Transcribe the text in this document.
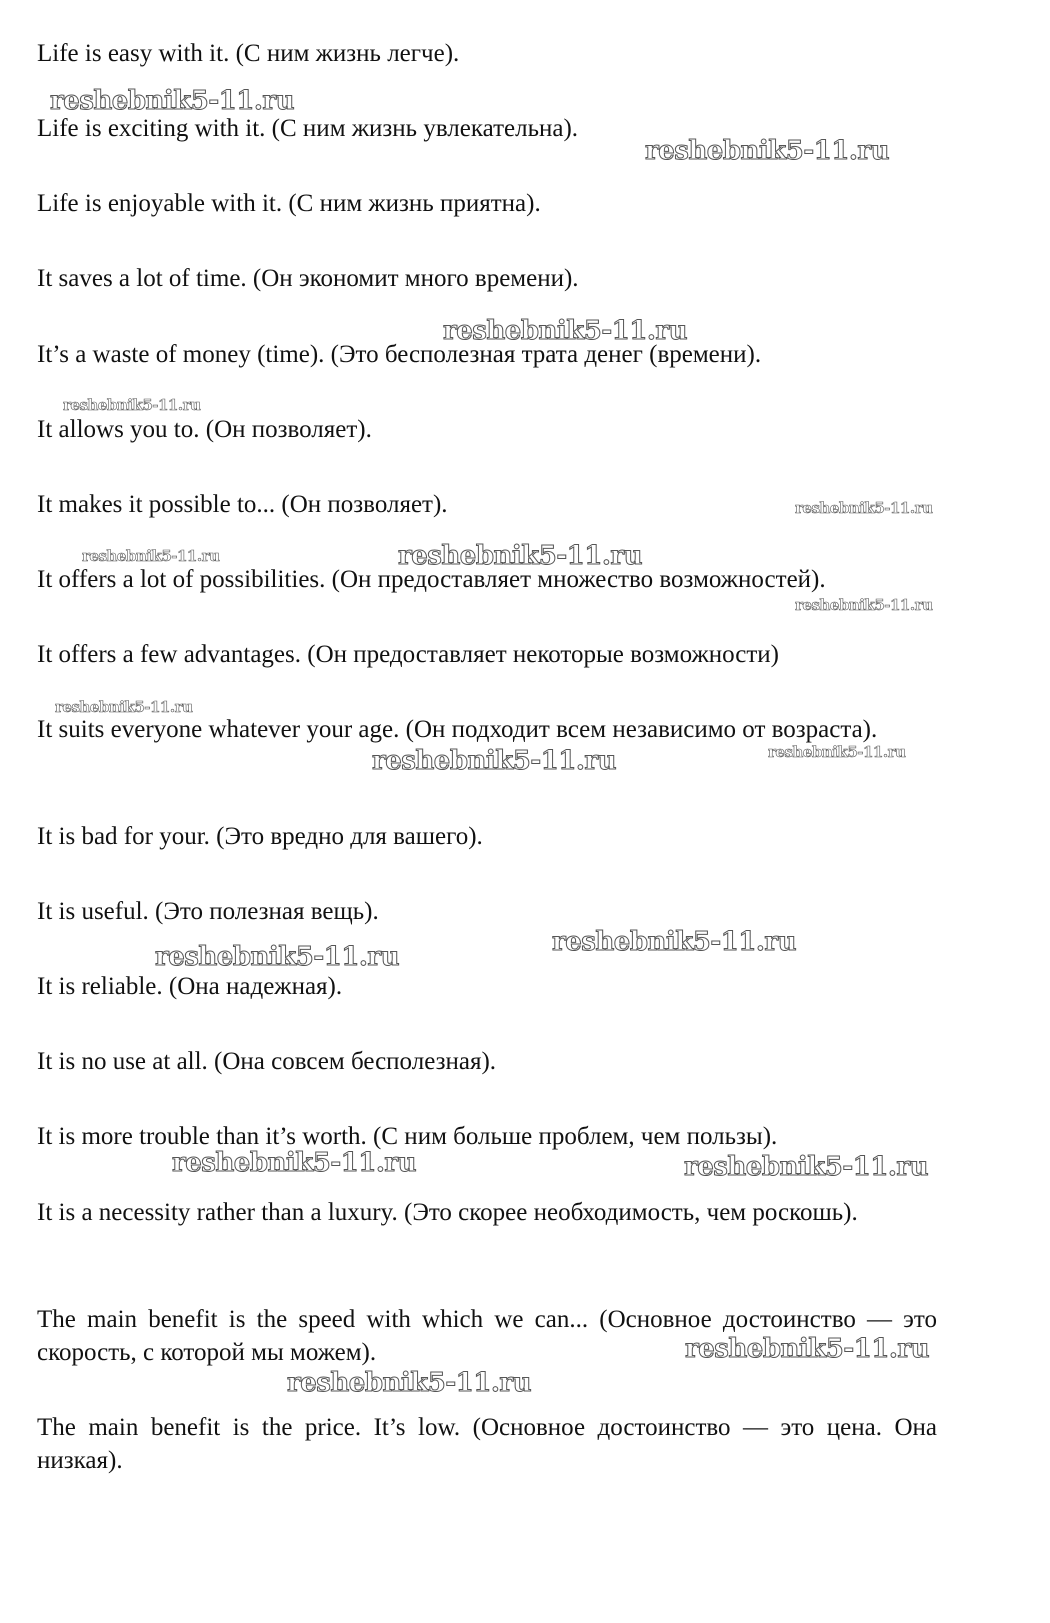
Life is easy with it. (С ним жизнь легче).

Life is exciting with it. (С ним жизнь увлекательна).

Life is enjoyable with it. (С ним жизнь приятна).

It saves a lot of time. (Он экономит много времени).

It’s a waste of money (time). (Это бесполезная трата денег (времени).

It allows you to. (Он позволяет).

It makes it possible to... (Он позволяет).

It offers a lot of possibilities. (Он предоставляет множество возможностей).

It offers a few advantages. (Он предоставляет некоторые возможности)

It suits everyone whatever your age. (Он подходит всем независимо от возраста).

It is bad for your. (Это вредно для вашего).

It is useful. (Это полезная вещь).

It is reliable. (Она надежная).

It is no use at all. (Она совсем бесполезная).

It is more trouble than it’s worth. (С ним больше проблем, чем пользы).

It is a necessity rather than a luxury. (Это скорее необходимость, чем роскошь).

The main benefit is the speed with which we can... (Основное достоинство — это скорость, с которой мы можем).

The main benefit is the price. It’s low. (Основное достоинство — это цена. Она низкая).

reshebnik5-11.ru
reshebnik5-11.ru
reshebnik5-11.ru
reshebnik5-11.ru
reshebnik5-11.ru
reshebnik5-11.ru	reshebnik5-11.ru
reshebnik5-11.ru
reshebnik5-11.ru
reshebnik5-11.ru
reshebnik5-11.ru
reshebnik5-11.ru
reshebnik5-11.ru
reshebnik5-11.ru	reshebnik5-11.ru
reshebnik5-11.ru
reshebnik5-11.ru
